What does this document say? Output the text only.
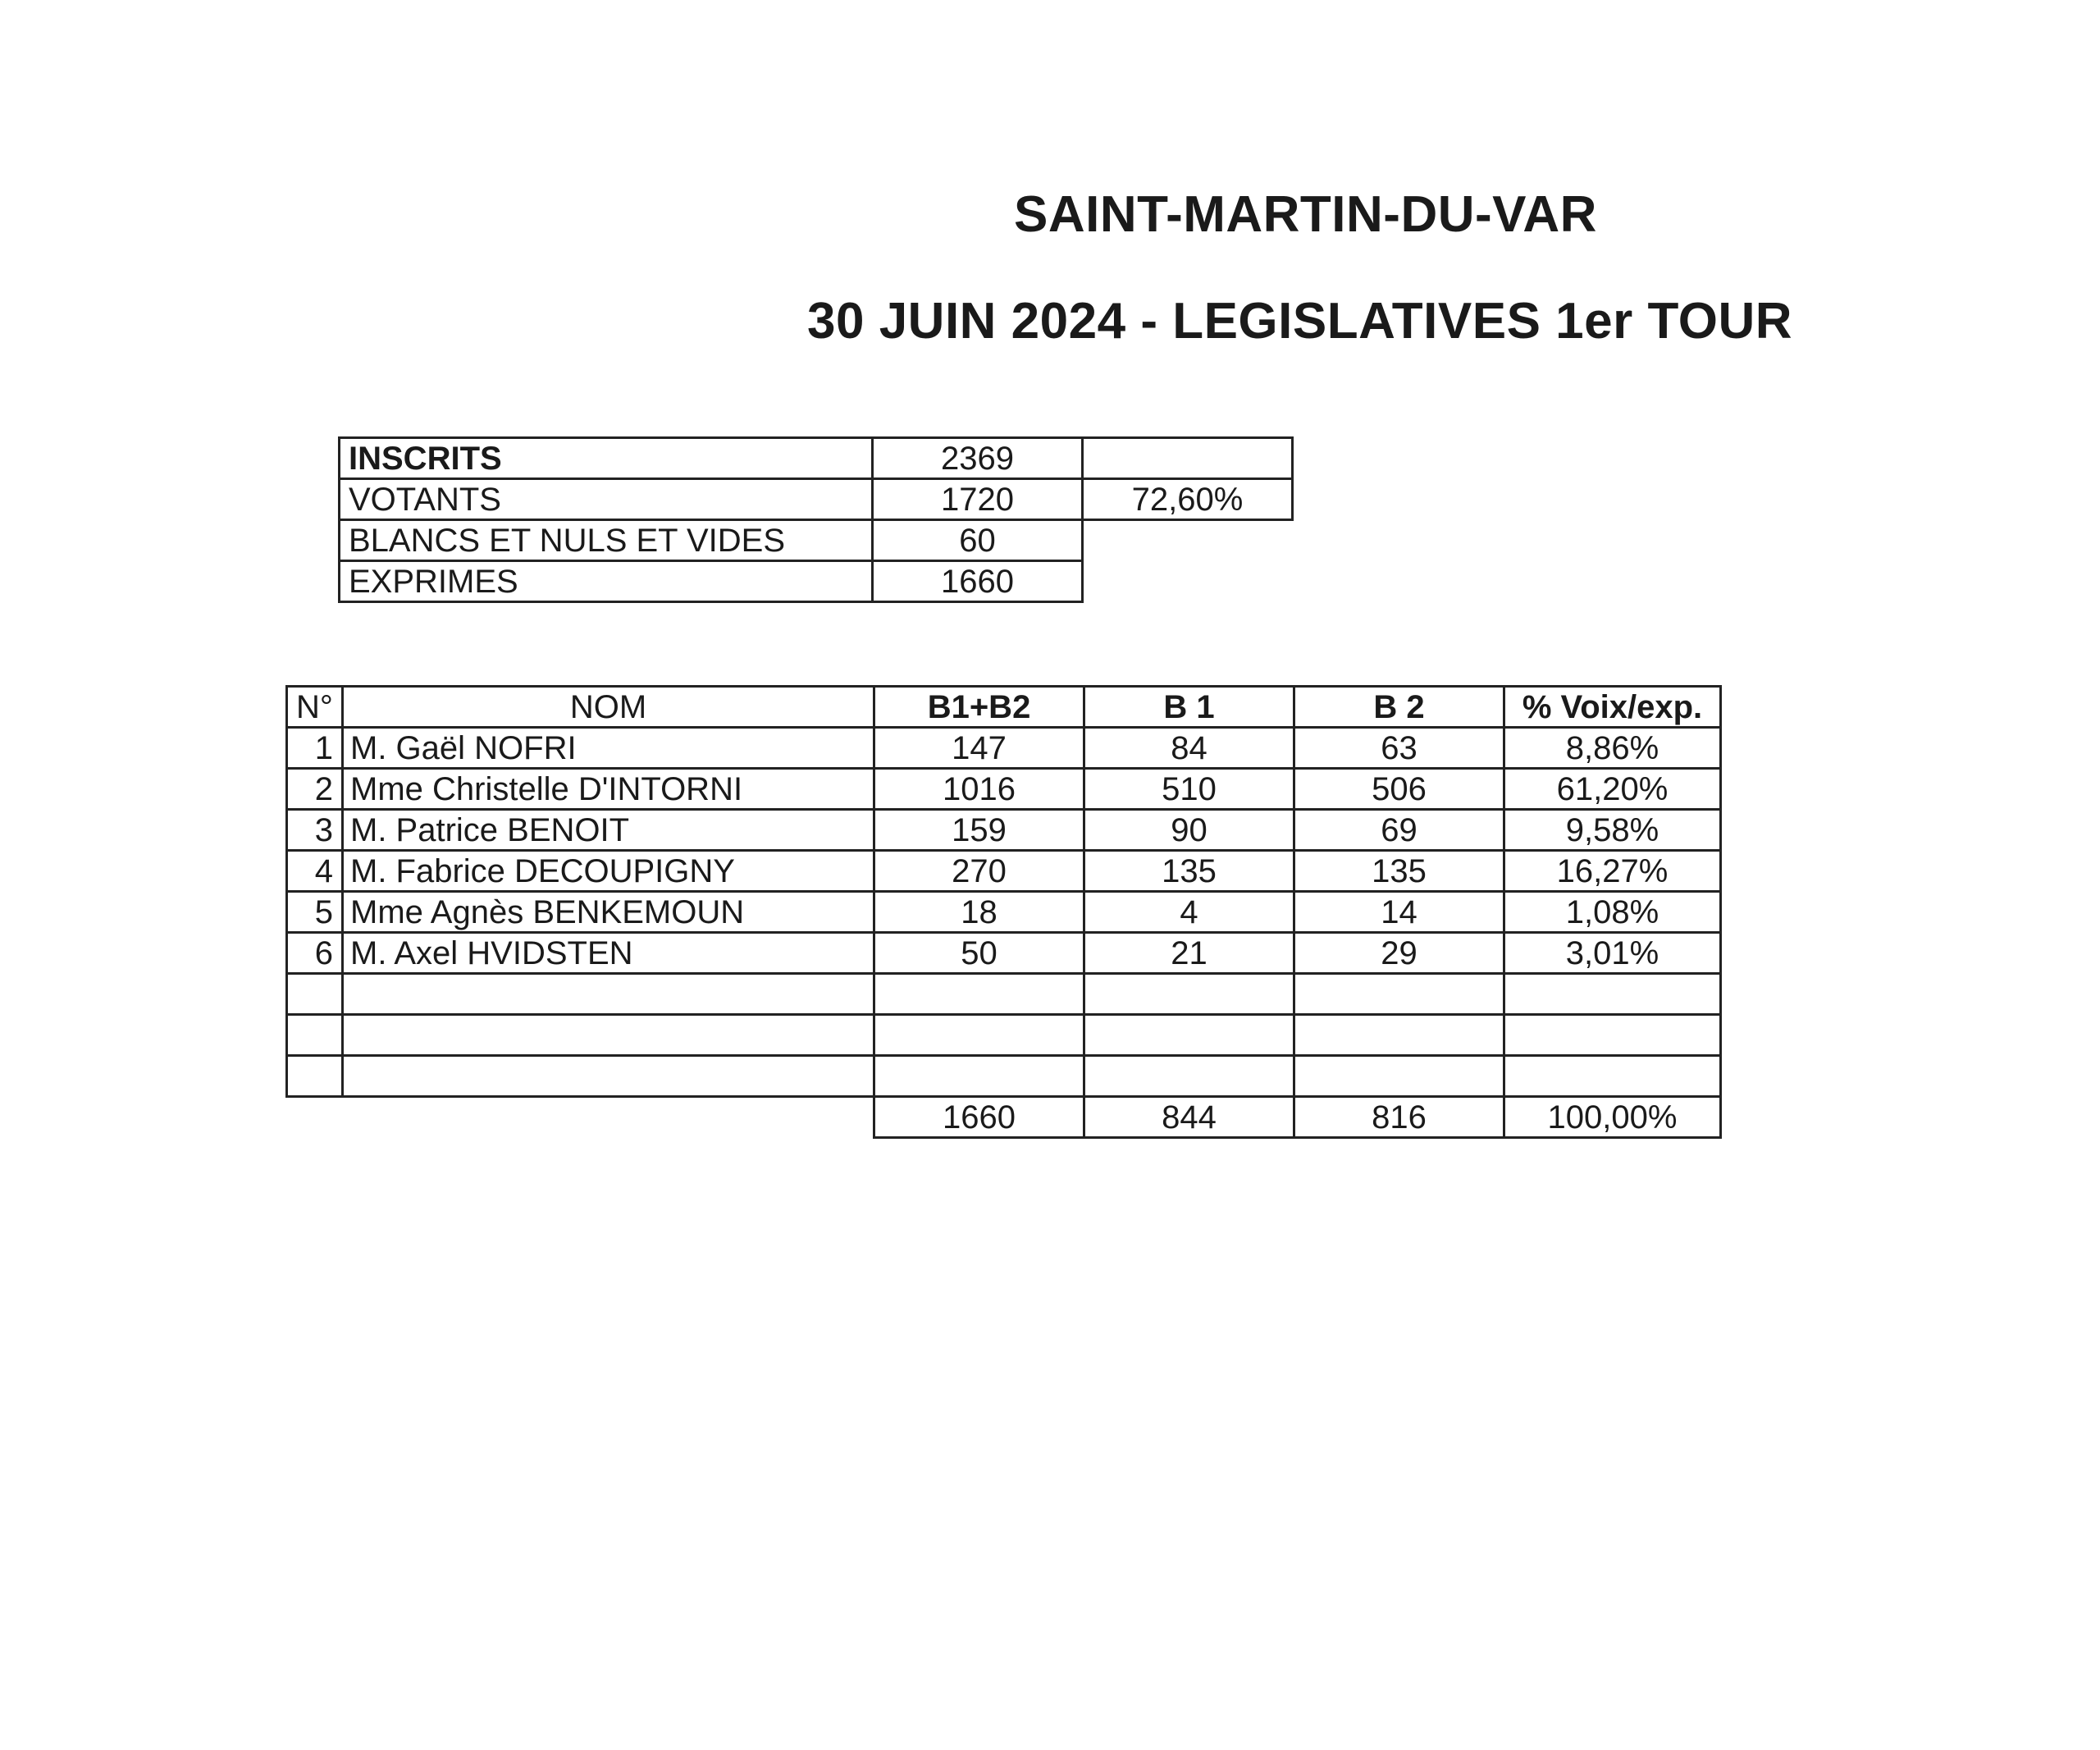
SAINT-MARTIN-DU-VAR
30 JUIN 2024 - LEGISLATIVES 1er TOUR
INSCRITS	2369	
VOTANTS	1720	72,60%
BLANCS ET NULS ET VIDES	60	
EXPRIMES	1660	
N°	NOM	B1+B2	B 1	B 2	% Voix/exp.
1	M. Gaël NOFRI	147	84	63	8,86%
2	Mme Christelle D'INTORNI	1016	510	506	61,20%
3	M. Patrice BENOIT	159	90	69	9,58%
4	M. Fabrice DECOUPIGNY	270	135	135	16,27%
5	Mme Agnès BENKEMOUN	18	4	14	1,08%
6	M. Axel HVIDSTEN	50	21	29	3,01%

		1660	844	816	100,00%
